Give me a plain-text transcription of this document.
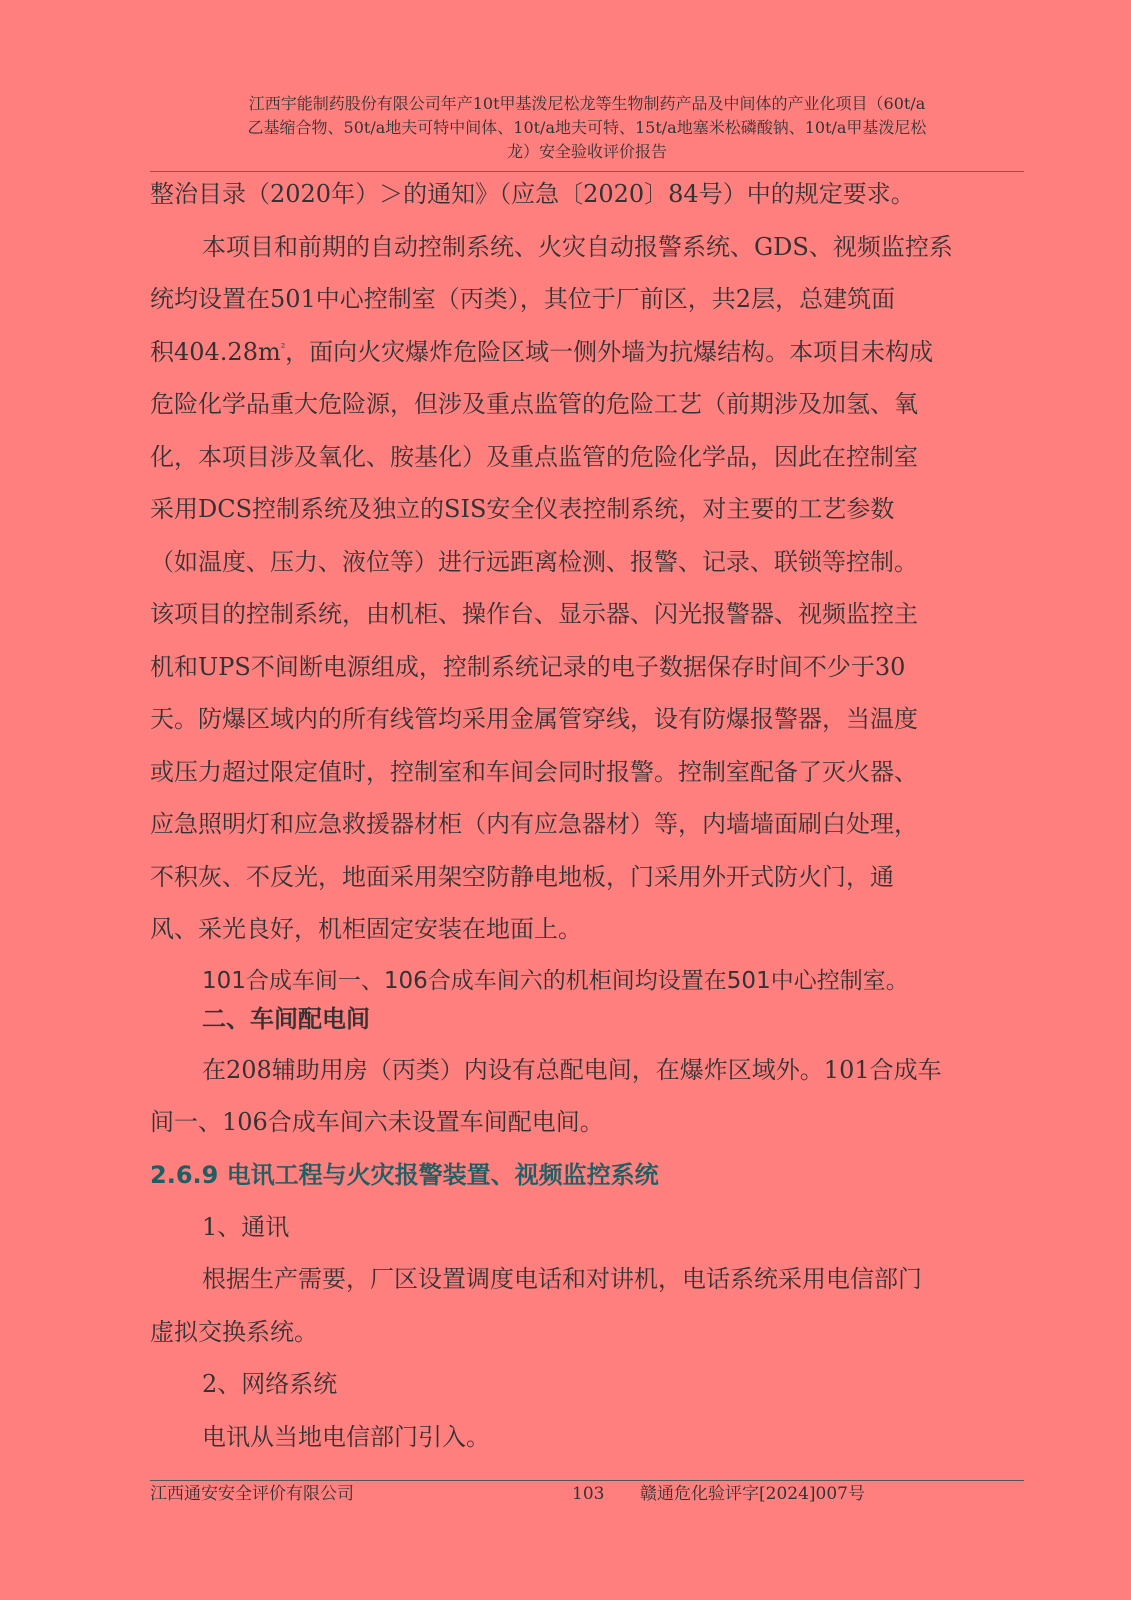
江西宇能制药股份有限公司年产10t甲基泼尼松龙等生物制药产品及中间体的产业化项目（60t/a
乙基缩合物、50t/a地夫可特中间体、10t/a地夫可特、15t/a地塞米松磷酸钠、10t/a甲基泼尼松
龙）安全验收评价报告

整治目录（2020年）＞的通知》（应急〔2020〕84号）中的规定要求。

本项目和前期的自动控制系统、火灾自动报警系统、GDS、视频监控系

统均设置在501中心控制室（丙类），其位于厂前区，共2层，总建筑面

积$404.28m^{^2}$，面向火灾爆炸危险区域一侧外墙为抗爆结构。本项目未构成

危险化学品重大危险源，但涉及重点监管的危险工艺（前期涉及加氢、氧

化，本项目涉及氧化、胺基化）及重点监管的危险化学品，因此在控制室

采用DCS控制系统及独立的SIS安全仪表控制系统，对主要的工艺参数

（如温度、压力、液位等）进行远距离检测、报警、记录、联锁等控制。

该项目的控制系统，由机柜、操作台、显示器、闪光报警器、视频监控主

机和UPS不间断电源组成，控制系统记录的电子数据保存时间不少于30

天。防爆区域内的所有线管均采用金属管穿线，设有防爆报警器，当温度

或压力超过限定值时，控制室和车间会同时报警。控制室配备了灭火器、

应急照明灯和应急救援器材柜（内有应急器材）等，内墙墙面刷白处理，

不积灰、不反光，地面采用架空防静电地板，门采用外开式防火门，通

风、采光良好，机柜固定安装在地面上。

101合成车间一、106合成车间六的机柜间均设置在501中心控制室。

二、车间配电间

在208辅助用房（丙类）内设有总配电间，在爆炸区域外。101合成车

间一、106合成车间六未设置车间配电间。

2.6.9 电讯工程与火灾报警装置、视频监控系统

1、通讯

根据生产需要，厂区设置调度电话和对讲机，电话系统采用电信部门

虚拟交换系统。

2、网络系统

电讯从当地电信部门引入。

江西通安安全评价有限公司	103 赣通危化验评字[2024]007号
